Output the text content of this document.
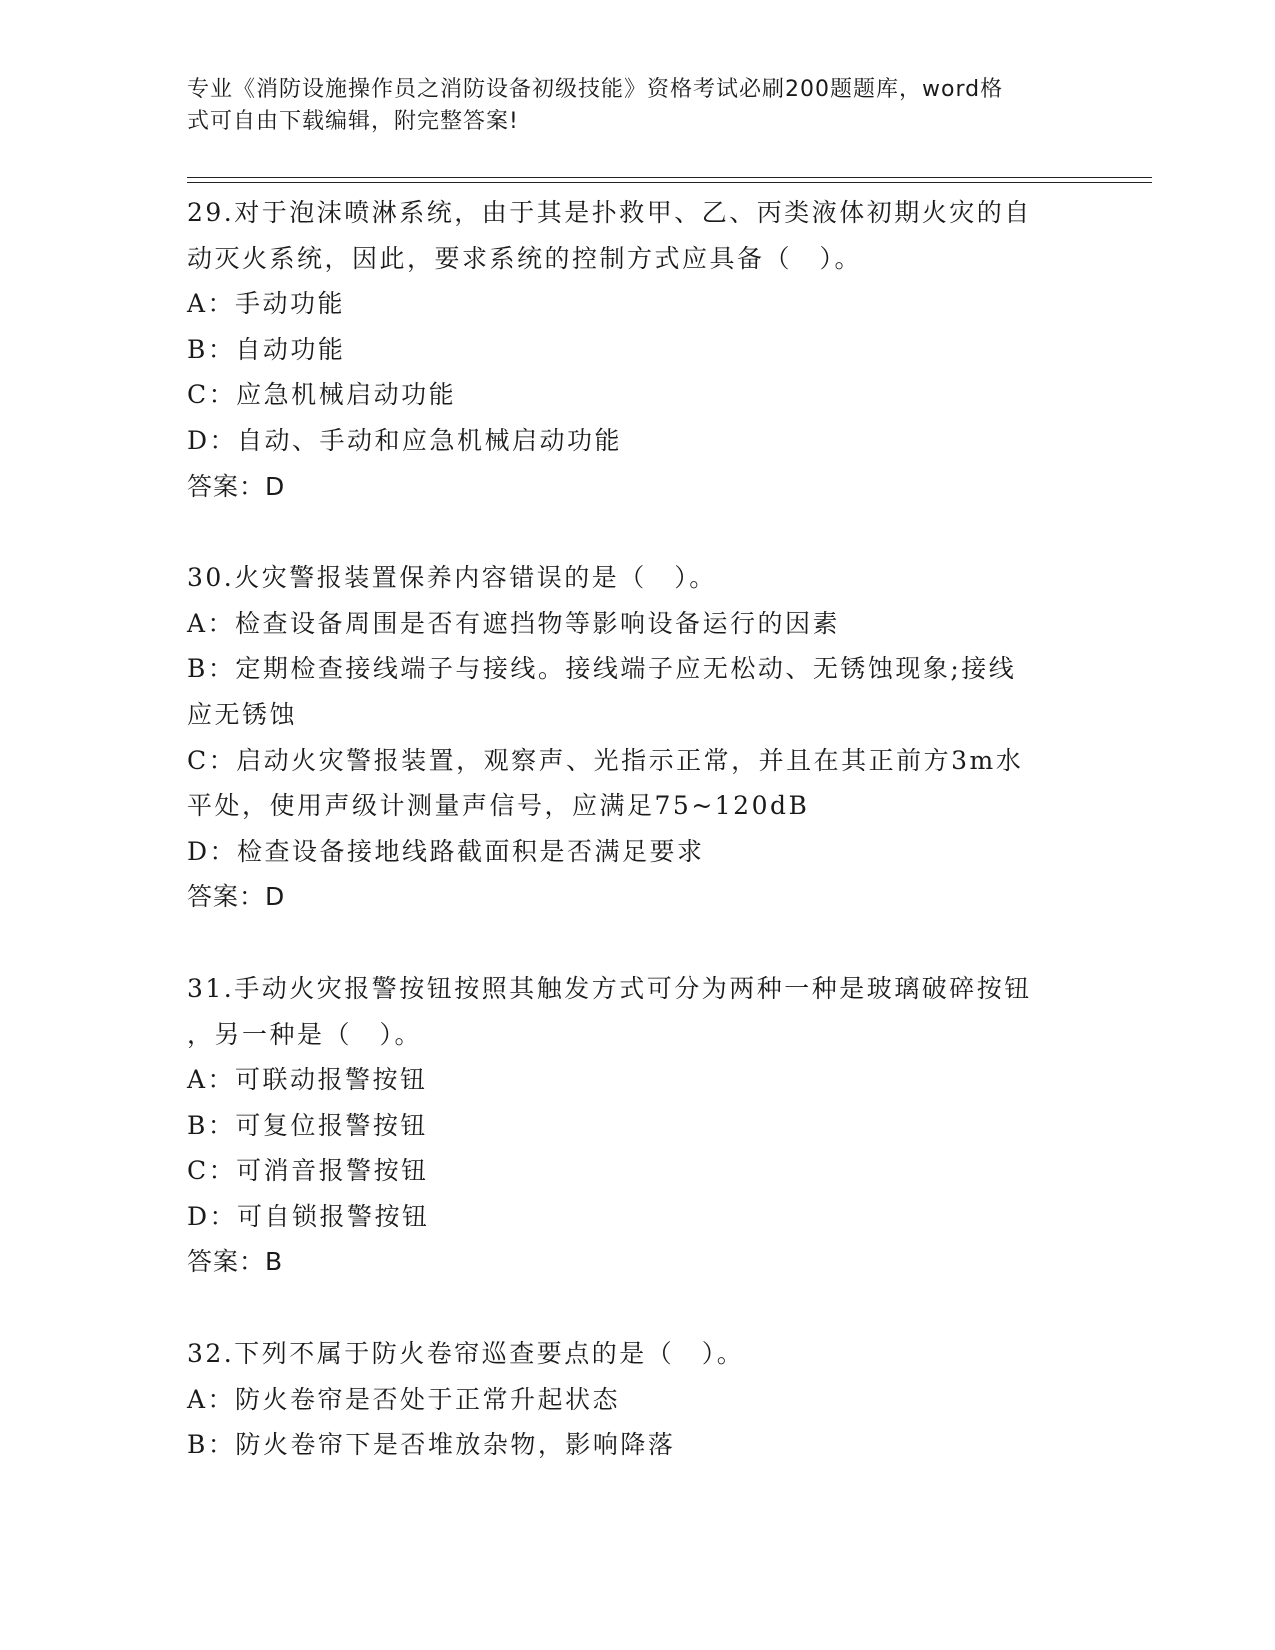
专业《消防设施操作员之消防设备初级技能》资格考试必刷200题题库，word格
式可自由下载编辑，附完整答案!
29.对于泡沫喷淋系统，由于其是扑救甲、乙、丙类液体初期火灾的自
动灭火系统，因此，要求系统的控制方式应具备（　）。
A：手动功能
B：自动功能
C：应急机械启动功能
D：自动、手动和应急机械启动功能
答案：D
30.火灾警报装置保养内容错误的是（　）。
A：检查设备周围是否有遮挡物等影响设备运行的因素
B：定期检查接线端子与接线。接线端子应无松动、无锈蚀现象;接线
应无锈蚀
C：启动火灾警报装置，观察声、光指示正常，并且在其正前方3m水
平处，使用声级计测量声信号，应满足75~120dB
D：检查设备接地线路截面积是否满足要求
答案：D
31.手动火灾报警按钮按照其触发方式可分为两种一种是玻璃破碎按钮
，另一种是（　）。
A：可联动报警按钮
B：可复位报警按钮
C：可消音报警按钮
D：可自锁报警按钮
答案：B
32.下列不属于防火卷帘巡查要点的是（　）。
A：防火卷帘是否处于正常升起状态
B：防火卷帘下是否堆放杂物，影响降落
